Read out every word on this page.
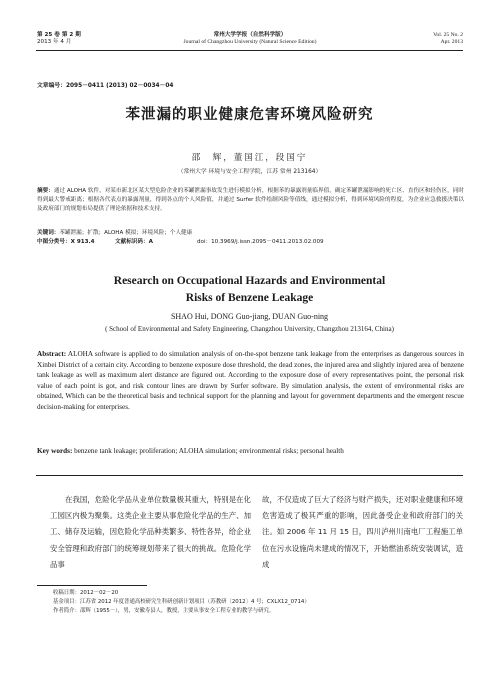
第 25 卷 第 2 期
2013 年 4 月
常州大学学报（自然科学版）
Journal of Changzhou University (Natural Science Edition)
Vol. 25 No. 2
Apr. 2013
文章编号：2095－0411 (2013) 02－0034－04
苯泄漏的职业健康危害环境风险研究
邵　辉，董国江，段国宁
（常州大学 环境与安全工程学院，江苏 常州 213164）
摘要：通过 ALOHA 软件，对某市新北区某大型危险企业的苯罐泄漏事故发生进行模拟分析，根据苯的暴露剂量临界值，确定苯罐泄漏影响的死亡区、直伤区和轻伤区，同时得到最大警戒距离；根据各代表点的暴露剂量，得到各点的个人风险值，并通过 Surfer 软件绘制风险等值线，通过模拟分析，得到环境风险的程度，为企业应急救援决策以及政府部门的规划布局提供了理论依据和技术支持。
关键词：苯罐泄漏；扩散；ALOHA 模拟；环境风险；个人健康
中图分类号：X 913.4	文献标识码：A	doi：10.3969/j.issn.2095－0411.2013.02.009
Research on Occupational Hazards and Environmental
Risks of Benzene Leakage
SHAO Hui, DONG Guo-jiang, DUAN Guo-ning
( School of Environmental and Safety Engineering, Changzhou University, Changzhou 213164, China)
Abstract: ALOHA software is applied to do simulation analysis of on-the-spot benzene tank leakage from the enterprises as dangerous sources in Xinbei District of a certain city. According to benzene exposure dose threshold, the dead zones, the injured area and slightly injured area of benzene tank leakage as well as maximum alert distance are figured out. According to the exposure dose of every representatives point, the personal risk value of each point is got, and risk contour lines are drawn by Surfer software. By simulation analysis, the extent of environmental risks are obtained, Which can be the theoretical basis and technical support for the planning and layout for government departments and the emergent rescue decision-making for enterprises.
Key words: benzene tank leakage; proliferation; ALOHA simulation; environmental risks; personal health
在我国，危险化学品从业单位数量极其重大，特别是在化工园区内极为聚集。这类企业主要从事危险化学品的生产、加工、储存及运输，因危险化学品种类繁多、特性各异，给企业安全管理和政府部门的统筹规划带来了很大的挑战。危险化学品事
故，不仅造成了巨大了经济与财产损失，还对职业健康和环境危害造成了极其严重的影响，因此备受企业和政府部门的关注。如 2006 年 11 月 15 日，四川泸州川南电厂工程施工单位在污水设施尚未建成的情况下，开始燃油系统安装调试，造成
收稿日期：2012－02－20
基金项目：江苏省 2012 年度普通高校研究生科研创新计划项目（苏教研〔2012〕4 号；CXLX12_0714）
作者简介：邵辉（1955－），男，安徽寿县人，教授，主要从事安全工程专业的教学与研究。
